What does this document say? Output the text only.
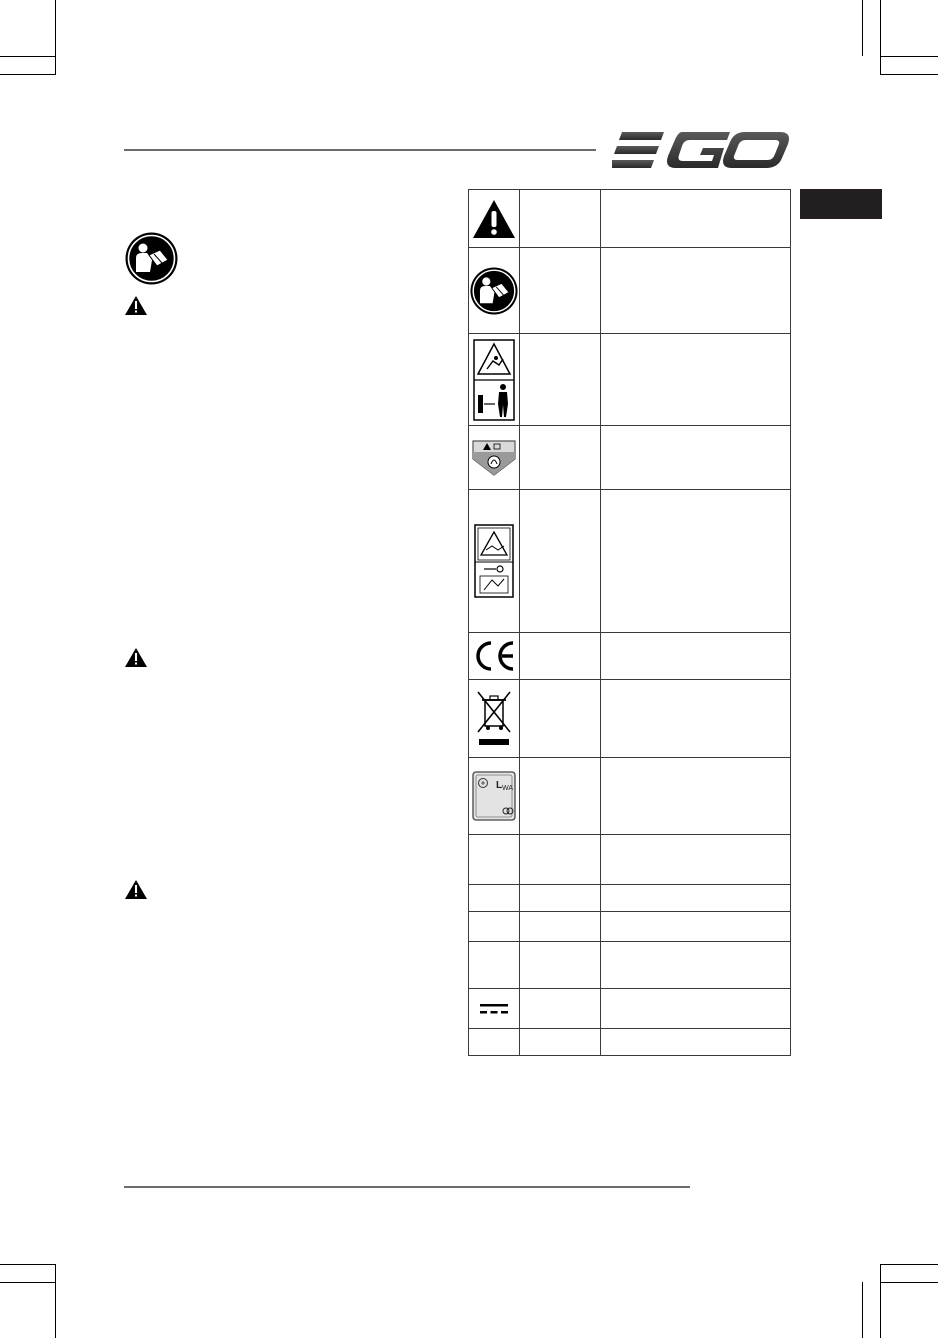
L WA		
